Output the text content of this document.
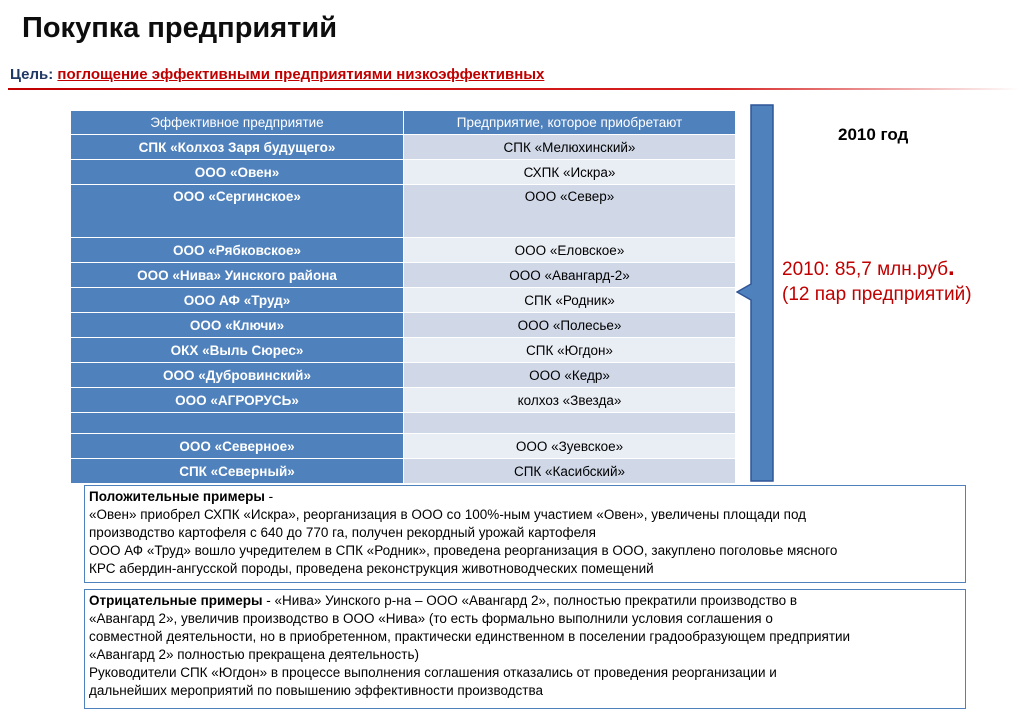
Покупка предприятий
Цель: поглощение эффективными предприятиями низкоэффективных
Эффективное предприятие	Предприятие, которое приобретают
СПК «Колхоз Заря будущего»	СПК «Мелюхинский»
ООО «Овен»	СХПК «Искра»
ООО «Сергинское»	ООО «Север»
ООО «Рябковское»	ООО «Еловское»
ООО «Нива» Уинского района	ООО «Авангард-2»
ООО АФ «Труд»	СПК «Родник»
ООО «Ключи»	ООО «Полесье»
ОКХ «Выль Сюрес»	СПК «Югдон»
ООО «Дубровинский»	ООО «Кедр»
ООО «АГРОРУСЬ»	колхоз «Звезда»

ООО «Северное»	ООО «Зуевское»
СПК «Северный»	СПК «Касибский»
2010 год
2010: 85,7 млн.руб.
(12 пар предприятий)
Положительные примеры -
«Овен» приобрел СХПК «Искра», реорганизация в ООО со 100%-ным участием «Овен», увеличены площади под
производство картофеля с 640 до 770 га, получен рекордный урожай картофеля
ООО АФ «Труд» вошло учредителем в СПК «Родник», проведена реорганизация в ООО, закуплено поголовье мясного
КРС абердин-ангусской породы, проведена реконструкция животноводческих помещений
Отрицательные примеры - «Нива» Уинского р-на – ООО «Авангард 2», полностью прекратили производство в
«Авангард 2», увеличив производство в ООО «Нива» (то есть формально выполнили условия соглашения о
совместной деятельности, но в приобретенном, практически единственном в поселении градообразующем предприятии
«Авангард 2» полностью прекращена деятельность)
Руководители СПК «Югдон» в процессе выполнения соглашения отказались от проведения реорганизации и
дальнейших мероприятий по повышению эффективности производства
